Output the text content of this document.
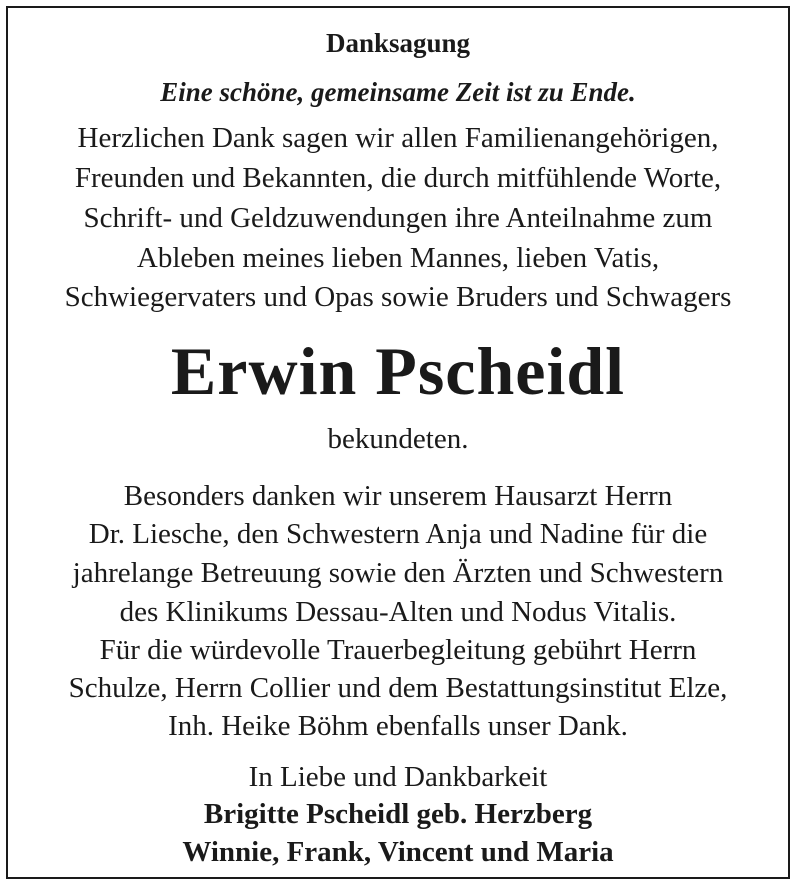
Danksagung
Eine schöne, gemeinsame Zeit ist zu Ende.
Herzlichen Dank sagen wir allen Familienangehörigen,
Freunden und Bekannten, die durch mitfühlende Worte,
Schrift- und Geldzuwendungen ihre Anteilnahme zum
Ableben meines lieben Mannes, lieben Vatis,
Schwiegervaters und Opas sowie Bruders und Schwagers
Erwin Pscheidl
bekundeten.
Besonders danken wir unserem Hausarzt Herrn
Dr. Liesche, den Schwestern Anja und Nadine für die
jahrelange Betreuung sowie den Ärzten und Schwestern
des Klinikums Dessau-Alten und Nodus Vitalis.
Für die würdevolle Trauerbegleitung gebührt Herrn
Schulze, Herrn Collier und dem Bestattungsinstitut Elze,
Inh. Heike Böhm ebenfalls unser Dank.
In Liebe und Dankbarkeit
Brigitte Pscheidl geb. Herzberg
Winnie, Frank, Vincent und Maria
